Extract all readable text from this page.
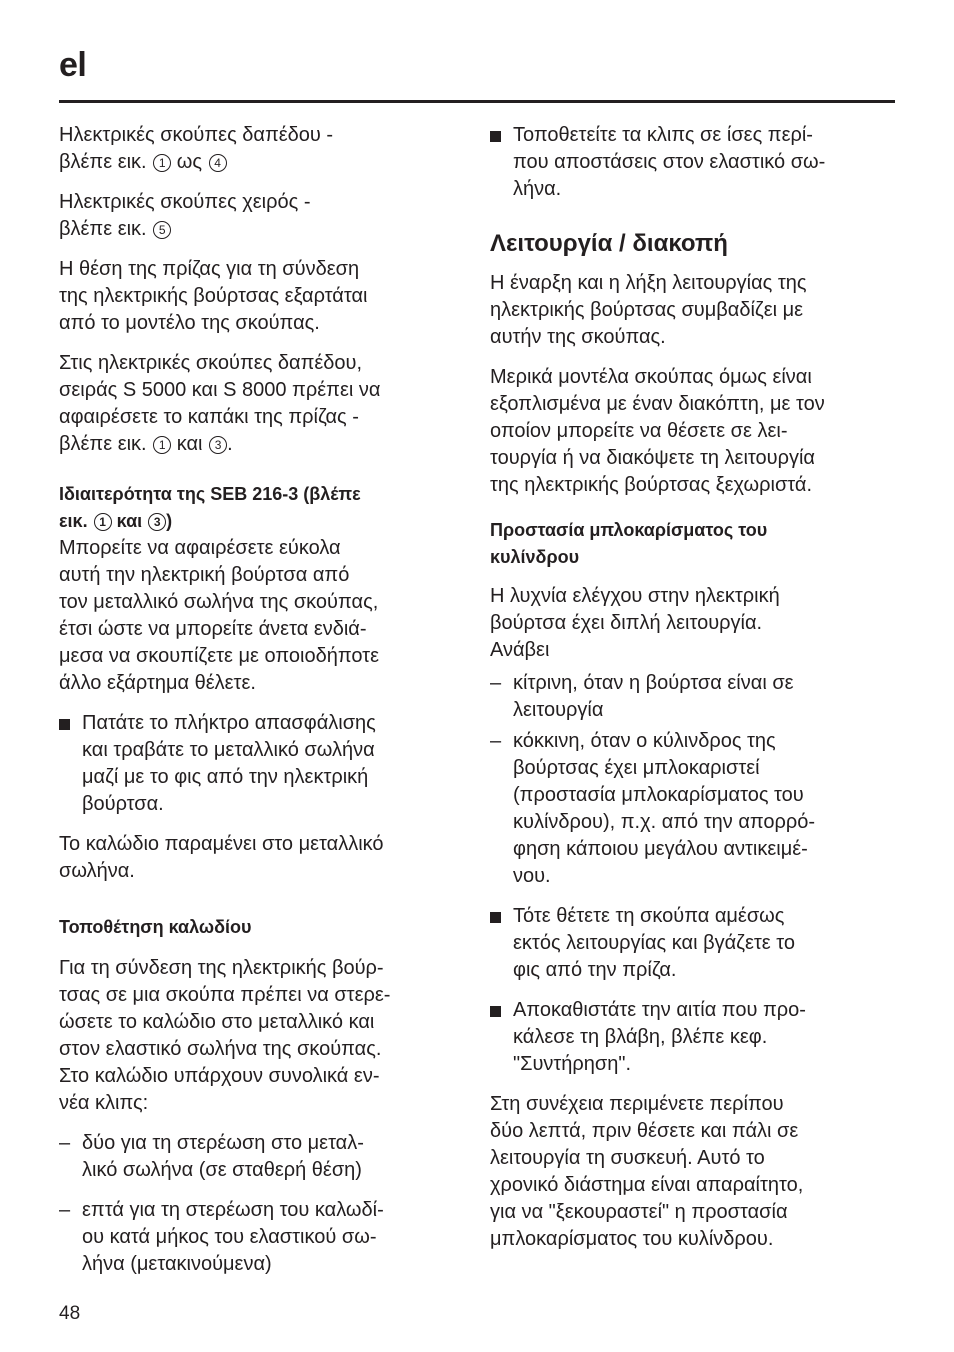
el

Ηλεκτρικές σκούπες δαπέδου -
βλέπε εικ. 1 ως 4

Ηλεκτρικές σκούπες χειρός -
βλέπε εικ. 5

Η θέση της πρίζας για τη σύνδεση
της ηλεκτρικής βούρτσας εξαρτάται
από το μοντέλο της σκούπας.

Στις ηλεκτρικές σκούπες δαπέδου,
σειράς S 5000 και S 8000 πρέπει να
αφαιρέσετε το καπάκι της πρίζας -
βλέπε εικ. 1 και 3 .

Ιδιαιτερότητα της SEB 216-3 (βλέπε
εικ. 1 και 3 )

Μπορείτε να αφαιρέσετε εύκολα
αυτή την ηλεκτρική βούρτσα από
τον μεταλλικό σωλήνα της σκούπας,
έτσι ώστε να μπορείτε άνετα ενδιά-
μεσα να σκουπίζετε με οποιοδήποτε
άλλο εξάρτημα θέλετε.

Πατάτε το πλήκτρο απασφάλισης
και τραβάτε το μεταλλικό σωλήνα
μαζί με το φις από την ηλεκτρική
βούρτσα.

Το καλώδιο παραμένει στο μεταλλικό
σωλήνα.

Τοποθέτηση καλωδίου

Για τη σύνδεση της ηλεκτρικής βούρ-
τσας σε μια σκούπα πρέπει να στερε-
ώσετε το καλώδιο στο μεταλλικό και
στον ελαστικό σωλήνα της σκούπας.
Στο καλώδιο υπάρχουν συνολικά εν-
νέα κλιπς:

– δύο για τη στερέωση στο μεταλ-
λικό σωλήνα (σε σταθερή θέση)

– επτά για τη στερέωση του καλωδί-
ου κατά μήκος του ελαστικού σω-
λήνα (μετακινούμενα)

Τοποθετείτε τα κλιπς σε ίσες περί-
που αποστάσεις στον ελαστικό σω-
λήνα.

Λειτουργία / διακοπή

Η έναρξη και η λήξη λειτουργίας της
ηλεκτρικής βούρτσας συμβαδίζει με
αυτήν της σκούπας.

Μερικά μοντέλα σκούπας όμως είναι
εξοπλισμένα με έναν διακόπτη, με τον
οποίον μπορείτε να θέσετε σε λει-
τουργία ή να διακόψετε τη λειτουργία
της ηλεκτρικής βούρτσας ξεχωριστά.

Προστασία μπλοκαρίσματος του
κυλίνδρου

Η λυχνία ελέγχου στην ηλεκτρική
βούρτσα έχει διπλή λειτουργία.
Ανάβει

– κίτρινη, όταν η βούρτσα είναι σε
λειτουργία

– κόκκινη, όταν ο κύλινδρος της
βούρτσας έχει μπλοκαριστεί
(προστασία μπλοκαρίσματος του
κυλίνδρου), π.χ. από την απορρό-
φηση κάποιου μεγάλου αντικειμέ-
νου.

Τότε θέτετε τη σκούπα αμέσως
εκτός λειτουργίας και βγάζετε το
φις από την πρίζα.

Αποκαθιστάτε την αιτία που προ-
κάλεσε τη βλάβη, βλέπε κεφ.
"Συντήρηση".

Στη συνέχεια περιμένετε περίπου
δύο λεπτά, πριν θέσετε και πάλι σε
λειτουργία τη συσκευή. Αυτό το
χρονικό διάστημα είναι απαραίτητο,
για να "ξεκουραστεί" η προστασία
μπλοκαρίσματος του κυλίνδρου.

48
